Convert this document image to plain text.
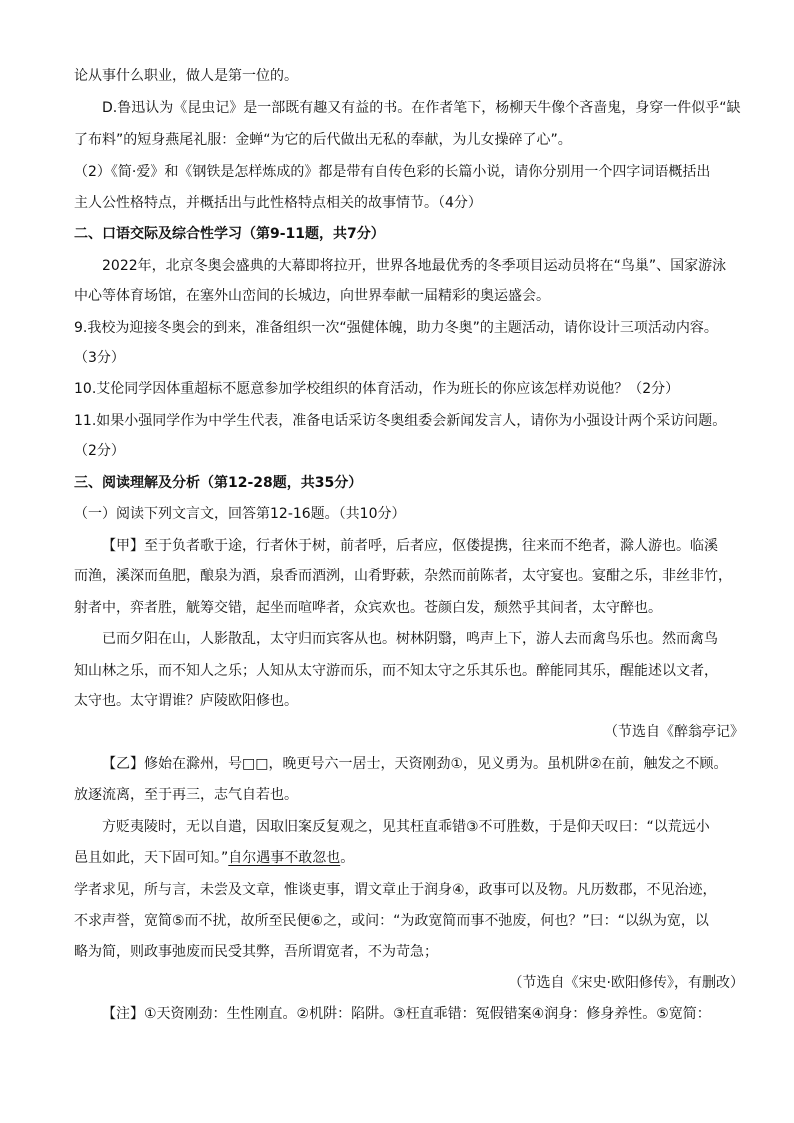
论从事什么职业，做人是第一位的。
D.鲁迅认为《昆虫记》是一部既有趣又有益的书。在作者笔下，杨柳天牛像个吝啬鬼，身穿一件似乎“缺
了布料”的短身燕尾礼服：金蝉“为它的后代做出无私的奉献，为儿女操碎了心”。
（2）《简·爱》和《钢铁是怎样炼成的》都是带有自传色彩的长篇小说，请你分别用一个四字词语概括出
主人公性格特点，并概括出与此性格特点相关的故事情节。（4分）
二、口语交际及综合性学习（第9-11题，共7分）
2022年，北京冬奥会盛典的大幕即将拉开，世界各地最优秀的冬季项目运动员将在“鸟巢”、国家游泳
中心等体育场馆，在塞外山峦间的长城边，向世界奉献一届精彩的奥运盛会。
9.我校为迎接冬奥会的到来，准备组织一次“强健体魄，助力冬奥”的主题活动，请你设计三项活动内容。
（3分）
10.艾伦同学因体重超标不愿意参加学校组织的体育活动，作为班长的你应该怎样劝说他？（2分）
11.如果小强同学作为中学生代表，准备电话采访冬奥组委会新闻发言人，请你为小强设计两个采访问题。
（2分）
三、阅读理解及分析（第12-28题，共35分）
（一）阅读下列文言文，回答第12-16题。（共10分）
【甲】至于负者歌于途，行者休于树，前者呼，后者应，伛偻提携，往来而不绝者，滁人游也。临溪
而渔，溪深而鱼肥，酿泉为酒，泉香而酒洌，山肴野蔌，杂然而前陈者，太守宴也。宴酣之乐，非丝非竹，
射者中，弈者胜，觥筹交错，起坐而喧哗者，众宾欢也。苍颜白发，颓然乎其间者，太守醉也。
已而夕阳在山，人影散乱，太守归而宾客从也。树林阴翳，鸣声上下，游人去而禽鸟乐也。然而禽鸟
知山林之乐，而不知人之乐；人知从太守游而乐，而不知太守之乐其乐也。醉能同其乐，醒能述以文者，
太守也。太守谓谁？庐陵欧阳修也。
（节选自《醉翁亭记》
【乙】修始在滁州，号□□，晚更号六一居士，天资刚劲①，见义勇为。虽机阱②在前，触发之不顾。
放逐流离，至于再三，志气自若也。
方贬夷陵时，无以自遣，因取旧案反复观之，见其枉直乖错③不可胜数，于是仰天叹曰：“以荒远小
邑且如此，天下固可知。”自尔遇事不敢忽也。
学者求见，所与言，未尝及文章，惟谈吏事，谓文章止于润身④，政事可以及物。凡历数郡，不见治迹，
不求声誉，宽简⑤而不扰，故所至民便⑥之，或问：“为政宽简而事不弛废，何也？”曰：“以纵为宽，以
略为简，则政事弛废而民受其弊，吾所谓宽者，不为苛急；
（节选自《宋史·欧阳修传》，有删改）
【注】①天资刚劲：生性刚直。②机阱：陷阱。③枉直乖错：冤假错案④润身：修身养性。⑤宽简：
